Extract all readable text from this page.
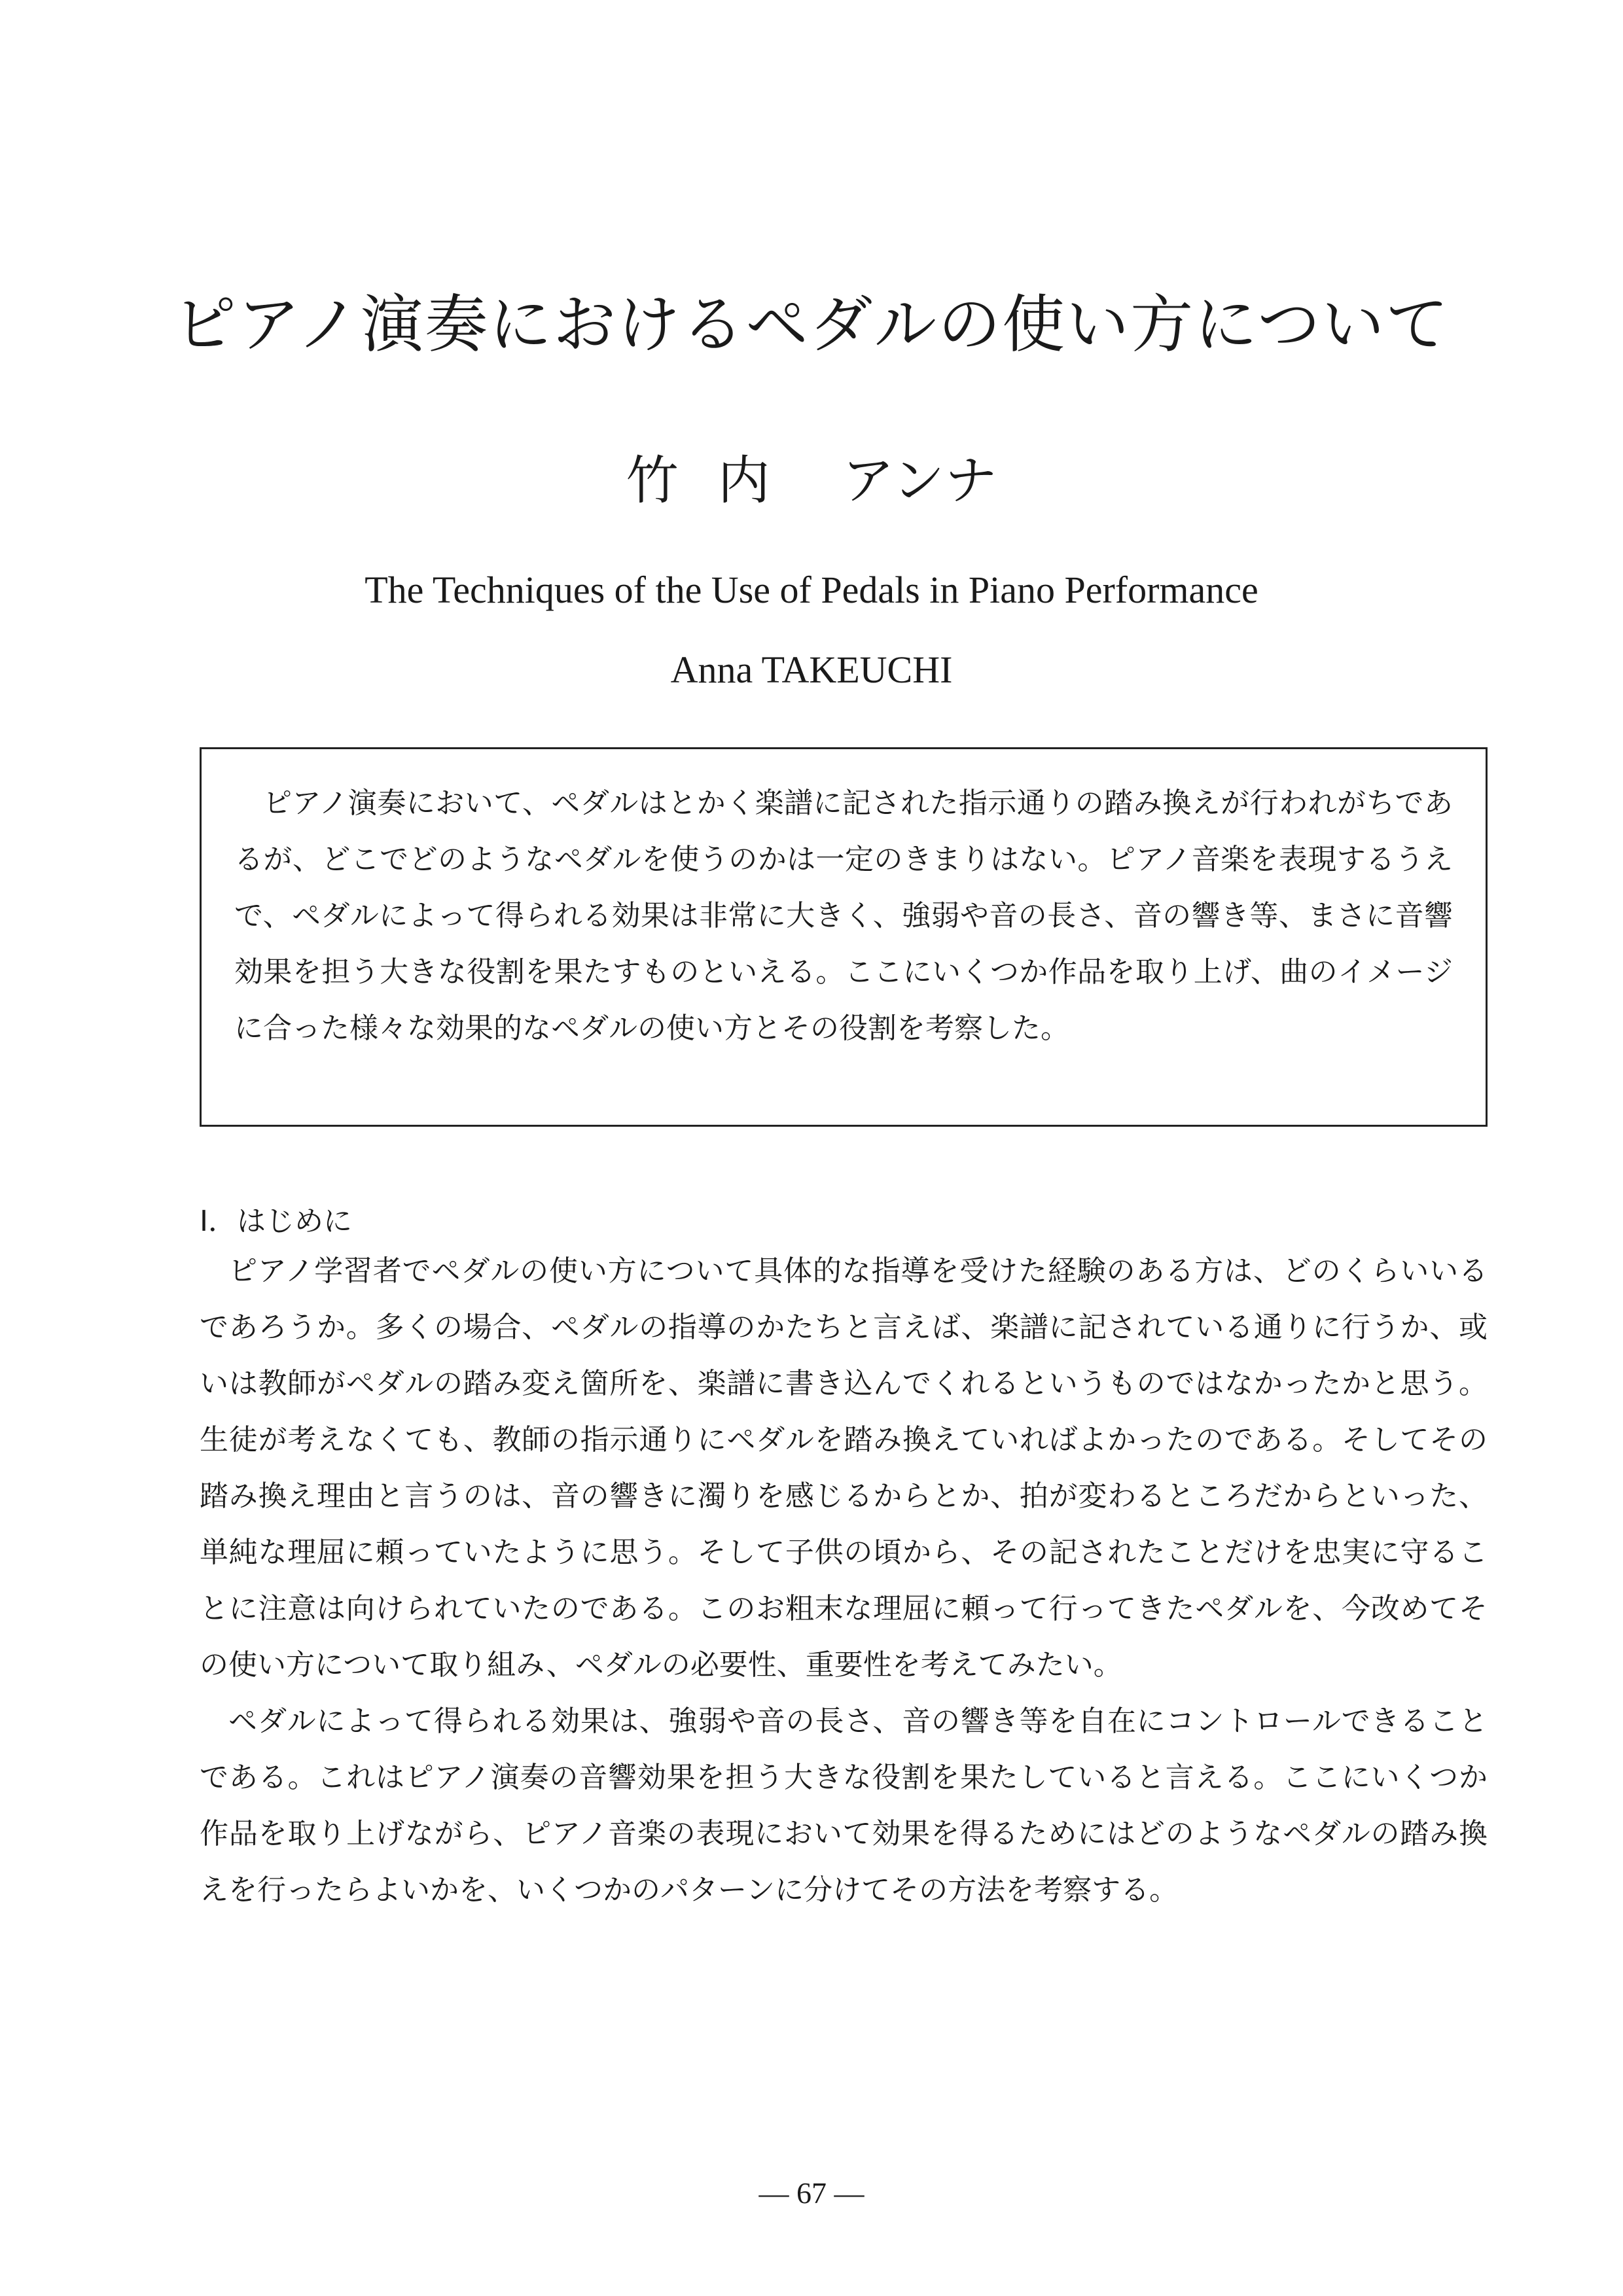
ピアノ演奏におけるペダルの使い方について
竹 内 アンナ
The Techniques of the Use of Pedals in Piano Performance
Anna TAKEUCHI

ピアノ演奏において、ペダルはとかく楽譜に記された指示通りの踏み換えが行われがちであるが、どこでどのようなペダルを使うのかは一定のきまりはない。ピアノ音楽を表現するうえで、ペダルによって得られる効果は非常に大きく、強弱や音の長さ、音の響き等、まさに音響効果を担う大きな役割を果たすものといえる。ここにいくつか作品を取り上げ、曲のイメージに合った様々な効果的なペダルの使い方とその役割を考察した。

I．はじめに

ピアノ学習者でペダルの使い方について具体的な指導を受けた経験のある方は、どのくらいいるであろうか。多くの場合、ペダルの指導のかたちと言えば、楽譜に記されている通りに行うか、或いは教師がペダルの踏み変え箇所を、楽譜に書き込んでくれるというものではなかったかと思う。生徒が考えなくても、教師の指示通りにペダルを踏み換えていればよかったのである。そしてその踏み換え理由と言うのは、音の響きに濁りを感じるからとか、拍が変わるところだからといった、単純な理屈に頼っていたように思う。そして子供の頃から、その記されたことだけを忠実に守ることに注意は向けられていたのである。このお粗末な理屈に頼って行ってきたペダルを、今改めてその使い方について取り組み、ペダルの必要性、重要性を考えてみたい。

ペダルによって得られる効果は、強弱や音の長さ、音の響き等を自在にコントロールできることである。これはピアノ演奏の音響効果を担う大きな役割を果たしていると言える。ここにいくつか作品を取り上げながら、ピアノ音楽の表現において効果を得るためにはどのようなペダルの踏み換えを行ったらよいかを、いくつかのパターンに分けてその方法を考察する。

— 67 —
